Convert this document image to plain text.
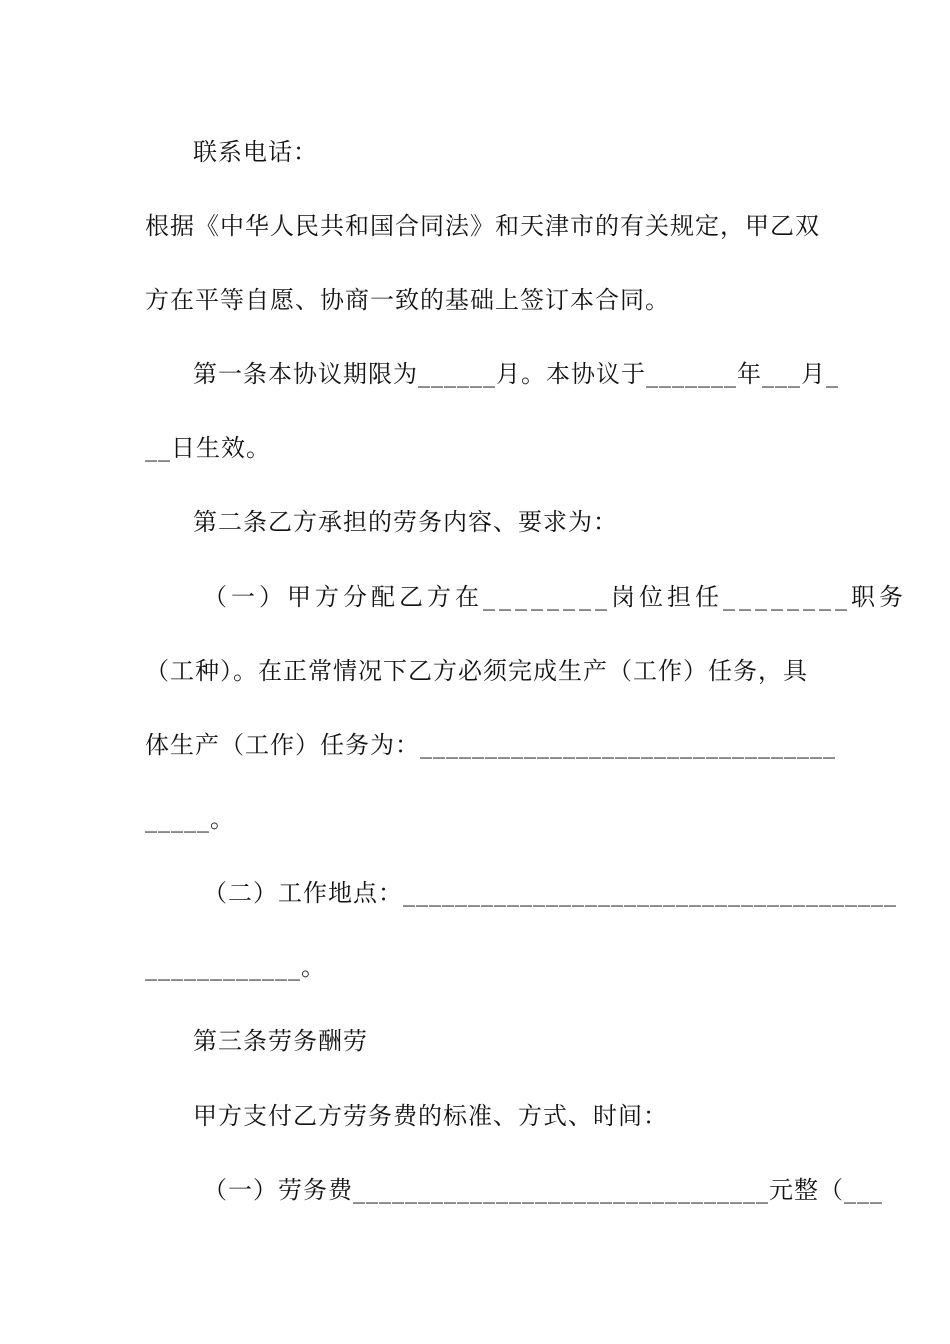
联系电话：
根据《中华人民共和国合同法》和天津市的有关规定，甲乙双
方在平等自愿、协商一致的基础上签订本合同。
第一条本协议期限为______月。本协议于_______年___月_
__日生效。
第二条乙方承担的劳务内容、要求为：
（一）甲方分配乙方在________岗位担任________职务
（工种）。在正常情况下乙方必须完成生产（工作）任务，具
体生产（工作）任务为：________________________________
_____。
（二）工作地点：______________________________________
____________。
第三条劳务酬劳
甲方支付乙方劳务费的标准、方式、时间：
（一）劳务费________________________________元整（___
